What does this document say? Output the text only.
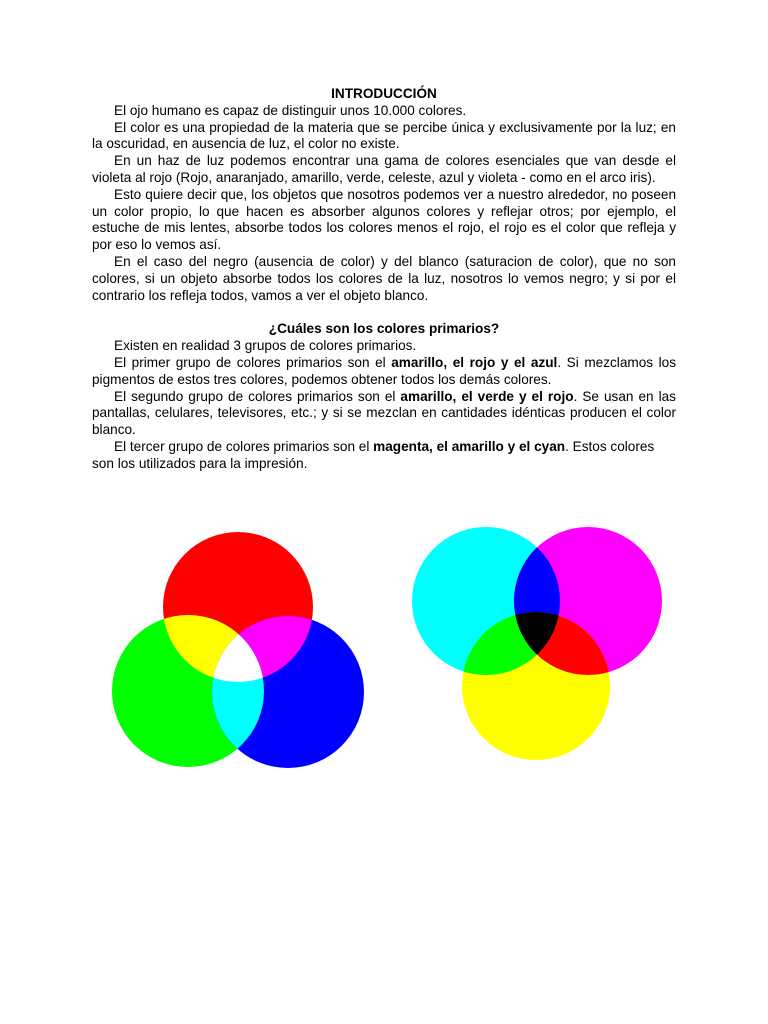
INTRODUCCIÓN

El ojo humano es capaz de distinguir unos 10.000 colores.

El color es una propiedad de la materia que se percibe única y exclusivamente por la luz; en la oscuridad, en ausencia de luz, el color no existe.

En un haz de luz podemos encontrar una gama de colores esenciales que van desde el violeta al rojo (Rojo, anaranjado, amarillo, verde, celeste, azul y violeta - como en el arco iris).

Esto quiere decir que, los objetos que nosotros podemos ver a nuestro alrededor, no poseen un color propio, lo que hacen es absorber algunos colores y reflejar otros; por ejemplo, el estuche de mis lentes, absorbe todos los colores menos el rojo, el rojo es el color que refleja y por eso lo vemos así.

En el caso del negro (ausencia de color) y del blanco (saturacion de color), que no son colores, si un objeto absorbe todos los colores de la luz, nosotros lo vemos negro; y si por el contrario los refleja todos, vamos a ver el objeto blanco.

¿Cuáles son los colores primarios?

Existen en realidad 3 grupos de colores primarios.

El primer grupo de colores primarios son el amarillo, el rojo y el azul. Si mezclamos los pigmentos de estos tres colores, podemos obtener todos los demás colores.

El segundo grupo de colores primarios son el amarillo, el verde y el rojo. Se usan en las pantallas, celulares, televisores, etc.; y si se mezclan en cantidades idénticas producen el color blanco.

El tercer grupo de colores primarios son el magenta, el amarillo y el cyan. Estos colores son los utilizados para la impresión.
